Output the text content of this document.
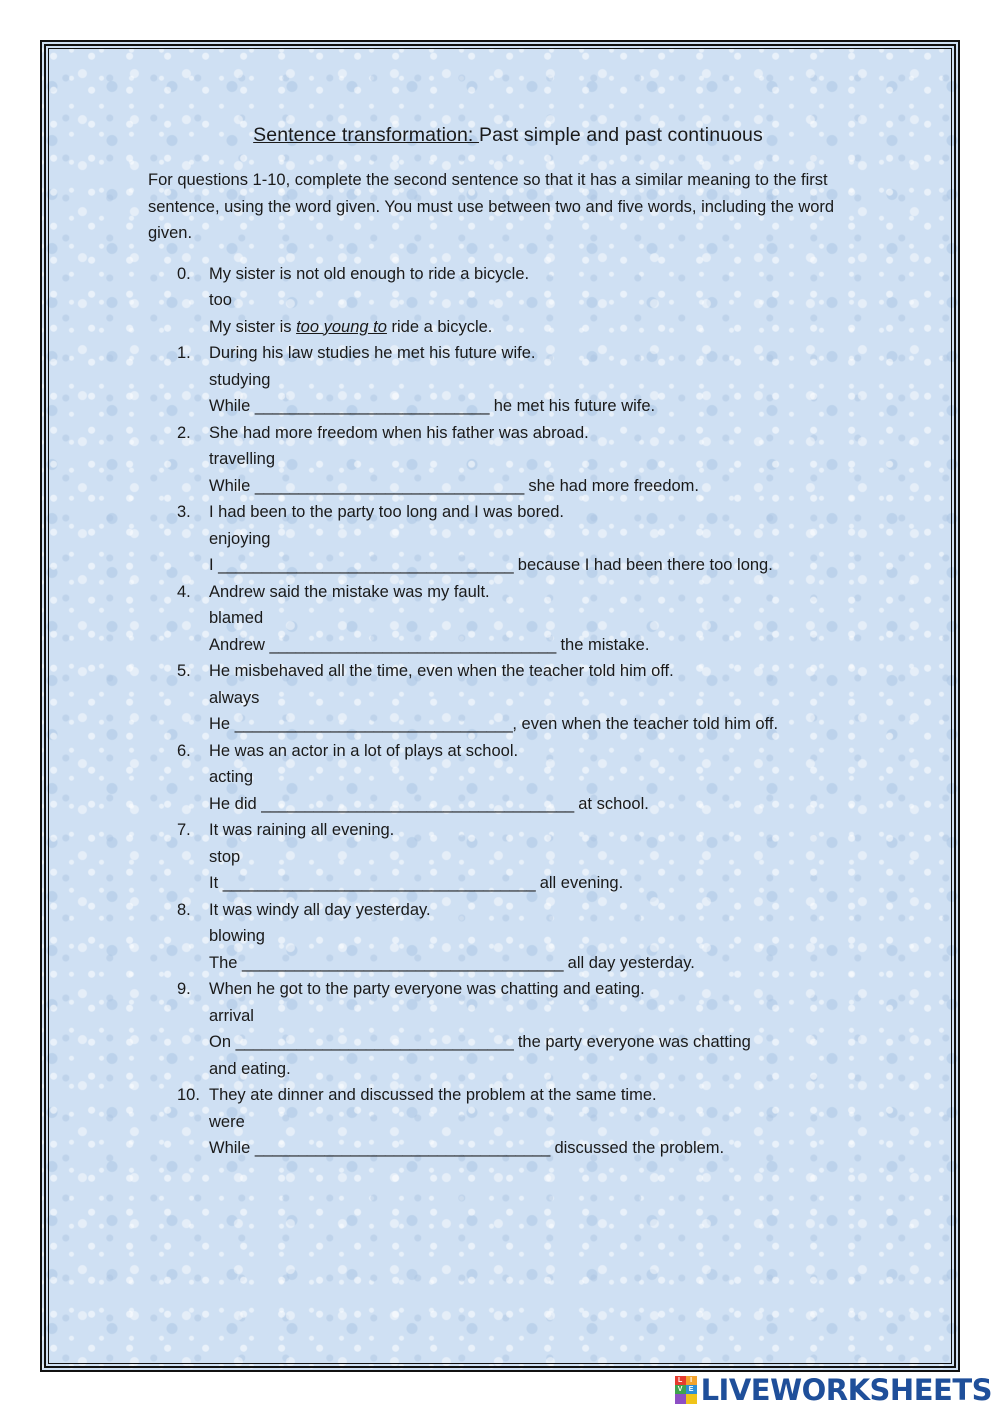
Sentence transformation: Past simple and past continuous
For questions 1-10, complete the second sentence so that it has a similar meaning to the first sentence, using the word given. You must use between two and five words, including the word given.
0. My sister is not old enough to ride a bicycle.
too
My sister is too young to ride a bicycle.
1. During his law studies he met his future wife.
studying
While ___________________________ he met his future wife.
2. She had more freedom when his father was abroad.
travelling
While _______________________________ she had more freedom.
3. I had been to the party too long and I was bored.
enjoying
I __________________________________ because I had been there too long.
4. Andrew said the mistake was my fault.
blamed
Andrew _________________________________ the mistake.
5. He misbehaved all the time, even when the teacher told him off.
always
He ________________________________, even when the teacher told him off.
6. He was an actor in a lot of plays at school.
acting
He did ____________________________________ at school.
7. It was raining all evening.
stop
It ____________________________________ all evening.
8. It was windy all day yesterday.
blowing
The _____________________________________ all day yesterday.
9. When he got to the party everyone was chatting and eating.
arrival
On ________________________________ the party everyone was chatting
and eating.
10. They ate dinner and discussed the problem at the same time.
were
While __________________________________ discussed the problem.
L	I
V E LIVEWORKSHEETS
